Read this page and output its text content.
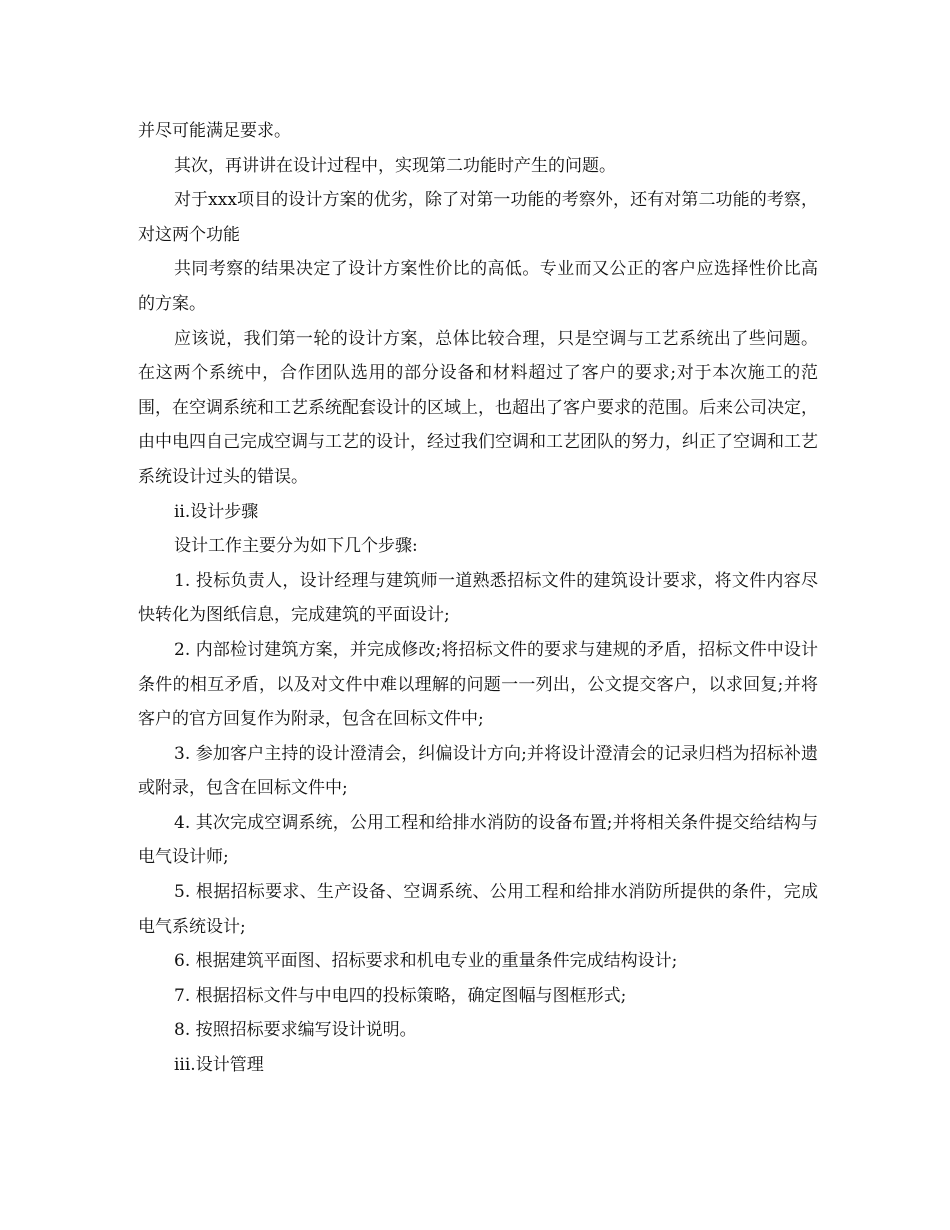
并尽可能满足要求。

其次，再讲讲在设计过程中，实现第二功能时产生的问题。

对于xxx项目的设计方案的优劣，除了对第一功能的考察外，还有对第二功能的考察，对这两个功能

共同考察的结果决定了设计方案性价比的高低。专业而又公正的客户应选择性价比高的方案。

应该说，我们第一轮的设计方案，总体比较合理，只是空调与工艺系统出了些问题。在这两个系统中，合作团队选用的部分设备和材料超过了客户的要求;对于本次施工的范围，在空调系统和工艺系统配套设计的区域上，也超出了客户要求的范围。后来公司决定，由中电四自己完成空调与工艺的设计，经过我们空调和工艺团队的努力，纠正了空调和工艺系统设计过头的错误。

ii.设计步骤

设计工作主要分为如下几个步骤:

1. 投标负责人，设计经理与建筑师一道熟悉招标文件的建筑设计要求，将文件内容尽快转化为图纸信息，完成建筑的平面设计;

2. 内部检讨建筑方案，并完成修改;将招标文件的要求与建规的矛盾，招标文件中设计条件的相互矛盾，以及对文件中难以理解的问题一一列出，公文提交客户，以求回复;并将客户的官方回复作为附录，包含在回标文件中;

3. 参加客户主持的设计澄清会，纠偏设计方向;并将设计澄清会的记录归档为招标补遗或附录，包含在回标文件中;

4. 其次完成空调系统，公用工程和给排水消防的设备布置;并将相关条件提交给结构与电气设计师;

5. 根据招标要求、生产设备、空调系统、公用工程和给排水消防所提供的条件，完成电气系统设计;

6. 根据建筑平面图、招标要求和机电专业的重量条件完成结构设计;

7. 根据招标文件与中电四的投标策略，确定图幅与图框形式;

8. 按照招标要求编写设计说明。

iii.设计管理
